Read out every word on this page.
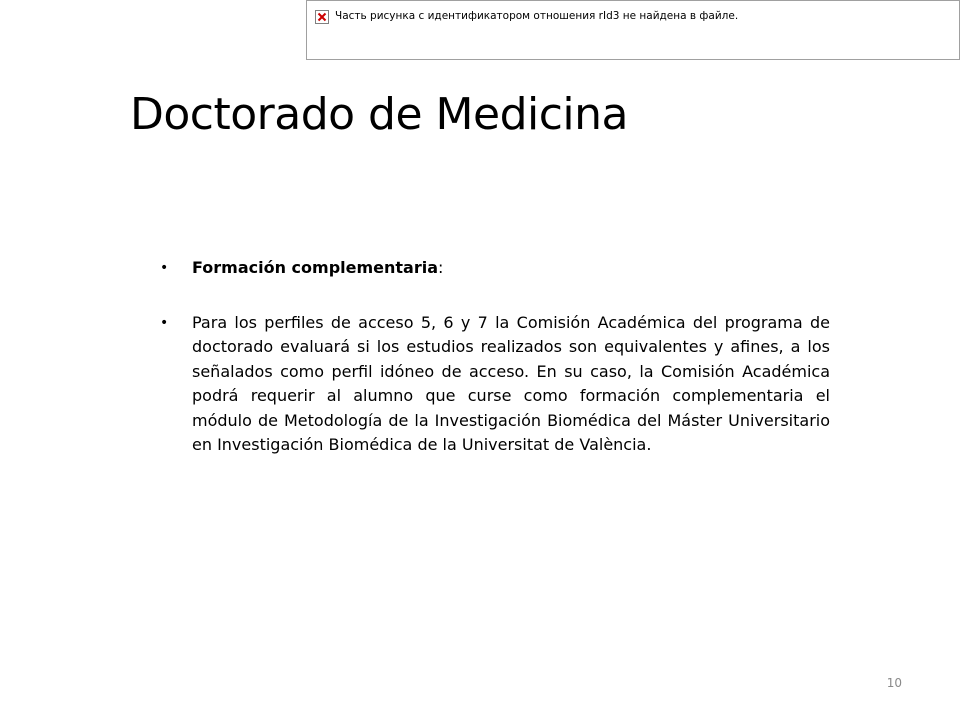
Часть рисунка с идентификатором отношения rId3 не найдена в файле.
Doctorado de Medicina
• Formación complementaria:
• Para los perfiles de acceso 5, 6 y 7 la Comisión Académica del programa de doctorado evaluará si los estudios realizados son equivalentes y afines, a los señalados como perfil idóneo de acceso. En su caso, la Comisión Académica podrá requerir al alumno que curse como formación complementaria el módulo de Metodología de la Investigación Biomédica del Máster Universitario en Investigación Biomédica de la Universitat de València.
10
